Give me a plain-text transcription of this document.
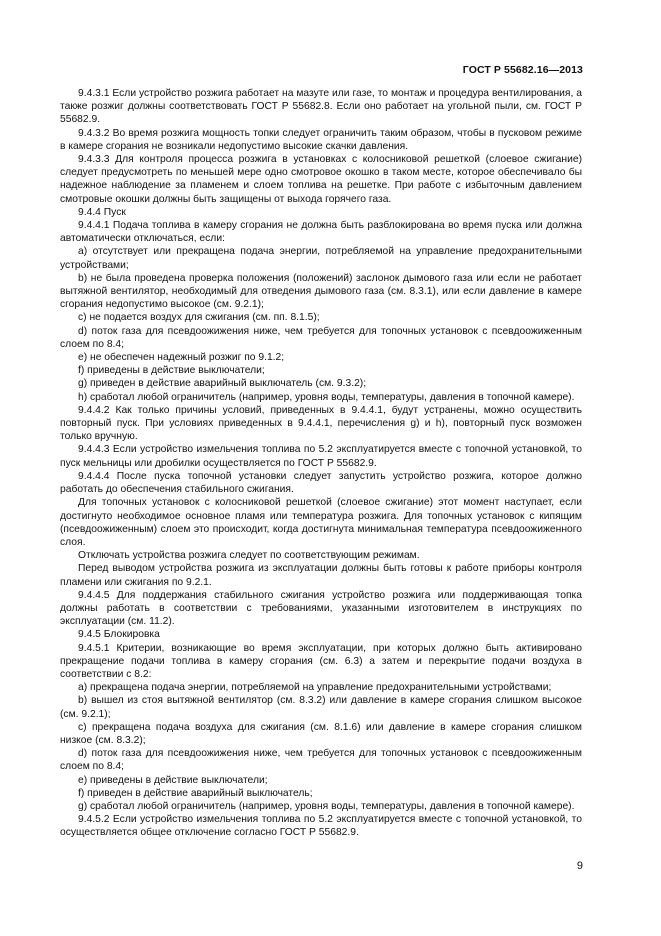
ГОСТ Р 55682.16—2013

9.4.3.1 Если устройство розжига работает на мазуте или газе, то монтаж и процедура вентилирования, а также розжиг должны соответствовать ГОСТ Р 55682.8. Если оно работает на угольной пыли, см. ГОСТ Р 55682.9.

9.4.3.2 Во время розжига мощность топки следует ограничить таким образом, чтобы в пусковом режиме в камере сгорания не возникали недопустимо высокие скачки давления.

9.4.3.3 Для контроля процесса розжига в установках с колосниковой решеткой (слоевое сжигание) следует предусмотреть по меньшей мере одно смотровое окошко в таком месте, которое обеспечивало бы надежное наблюдение за пламенем и слоем топлива на решетке. При работе с избыточным давлением смотровые окошки должны быть защищены от выхода горячего газа.

9.4.4 Пуск

9.4.4.1 Подача топлива в камеру сгорания не должна быть разблокирована во время пуска или должна автоматически отключаться, если:

a) отсутствует или прекращена подача энергии, потребляемой на управление предохранительными устройствами;

b) не была проведена проверка положения (положений) заслонок дымового газа или если не работает вытяжной вентилятор, необходимый для отведения дымового газа (см. 8.3.1), или если давление в камере сгорания недопустимо высокое (см. 9.2.1);

c) не подается воздух для сжигания (см. пп. 8.1.5);

d) поток газа для псевдоожижения ниже, чем требуется для топочных установок с псевдоожиженным слоем по 8.4;

e) не обеспечен надежный розжиг по 9.1.2;

f) приведены в действие выключатели;

g) приведен в действие аварийный выключатель (см. 9.3.2);

h) сработал любой ограничитель (например, уровня воды, температуры, давления в топочной камере).

9.4.4.2 Как только причины условий, приведенных в 9.4.4.1, будут устранены, можно осуществить повторный пуск. При условиях приведенных в 9.4.4.1, перечисления g) и h), повторный пуск возможен только вручную.

9.4.4.3 Если устройство измельчения топлива по 5.2 эксплуатируется вместе с топочной установкой, то пуск мельницы или дробилки осуществляется по ГОСТ Р 55682.9.

9.4.4.4 После пуска топочной установки следует запустить устройство розжига, которое должно работать до обеспечения стабильного сжигания.

Для топочных установок с колосниковой решеткой (слоевое сжигание) этот момент наступает, если достигнуто необходимое основное пламя или температура розжига. Для топочных установок с кипящим (псевдоожиженным) слоем это происходит, когда достигнута минимальная температура псевдоожиженного слоя.

Отключать устройства розжига следует по соответствующим режимам.

Перед выводом устройства розжига из эксплуатации должны быть готовы к работе приборы контроля пламени или сжигания по 9.2.1.

9.4.4.5 Для поддержания стабильного сжигания устройство розжига или поддерживающая топка должны работать в соответствии с требованиями, указанными изготовителем в инструкциях по эксплуатации (см. 11.2).

9.4.5 Блокировка

9.4.5.1 Критерии, возникающие во время эксплуатации, при которых должно быть активировано прекращение подачи топлива в камеру сгорания (см. 6.3) а затем и перекрытие подачи воздуха в соответствии с 8.2:

a) прекращена подача энергии, потребляемой на управление предохранительными устройствами;

b) вышел из стоя вытяжной вентилятор (см. 8.3.2) или давление в камере сгорания слишком высокое (см. 9.2.1);

c) прекращена подача воздуха для сжигания (см. 8.1.6) или давление в камере сгорания слишком низкое (см. 8.3.2);

d) поток газа для псевдоожижения ниже, чем требуется для топочных установок с псевдоожиженным слоем по 8.4;

e) приведены в действие выключатели;

f) приведен в действие аварийный выключатель;

g) сработал любой ограничитель (например, уровня воды, температуры, давления в топочной камере).

9.4.5.2 Если устройство измельчения топлива по 5.2 эксплуатируется вместе с топочной установкой, то осуществляется общее отключение согласно ГОСТ Р 55682.9.

9
